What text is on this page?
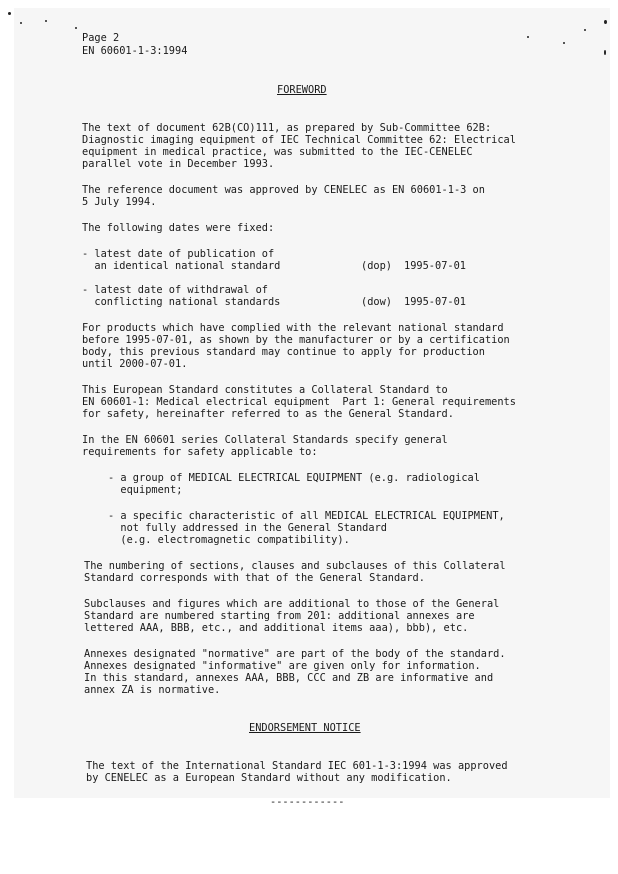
Page 2
EN 60601-1-3:1994
FOREWORD
The text of document 62B(CO)111, as prepared by Sub-Committee 62B:
Diagnostic imaging equipment of IEC Technical Committee 62: Electrical
equipment in medical practice, was submitted to the IEC-CENELEC
parallel vote in December 1993.
The reference document was approved by CENELEC as EN 60601-1-3 on
5 July 1994.
The following dates were fixed:
- latest date of publication of
an identical national standard	(dop) 1995-07-01
- latest date of withdrawal of
conflicting national standards	(dow) 1995-07-01
For products which have complied with the relevant national standard
before 1995-07-01, as shown by the manufacturer or by a certification
body, this previous standard may continue to apply for production
until 2000-07-01.
This European Standard constitutes a Collateral Standard to
EN 60601-1: Medical electrical equipment  Part 1: General requirements
for safety, hereinafter referred to as the General Standard.
In the EN 60601 series Collateral Standards specify general
requirements for safety applicable to:
- a group of MEDICAL ELECTRICAL EQUIPMENT (e.g. radiological
equipment;
- a specific characteristic of all MEDICAL ELECTRICAL EQUIPMENT,
not fully addressed in the General Standard
(e.g. electromagnetic compatibility).
The numbering of sections, clauses and subclauses of this Collateral
Standard corresponds with that of the General Standard.
Subclauses and figures which are additional to those of the General
Standard are numbered starting from 201: additional annexes are
lettered AAA, BBB, etc., and additional items aaa), bbb), etc.
Annexes designated "normative" are part of the body of the standard.
Annexes designated "informative" are given only for information.
In this standard, annexes AAA, BBB, CCC and ZB are informative and
annex ZA is normative.
ENDORSEMENT NOTICE
The text of the International Standard IEC 601-1-3:1994 was approved
by CENELEC as a European Standard without any modification.
------------
